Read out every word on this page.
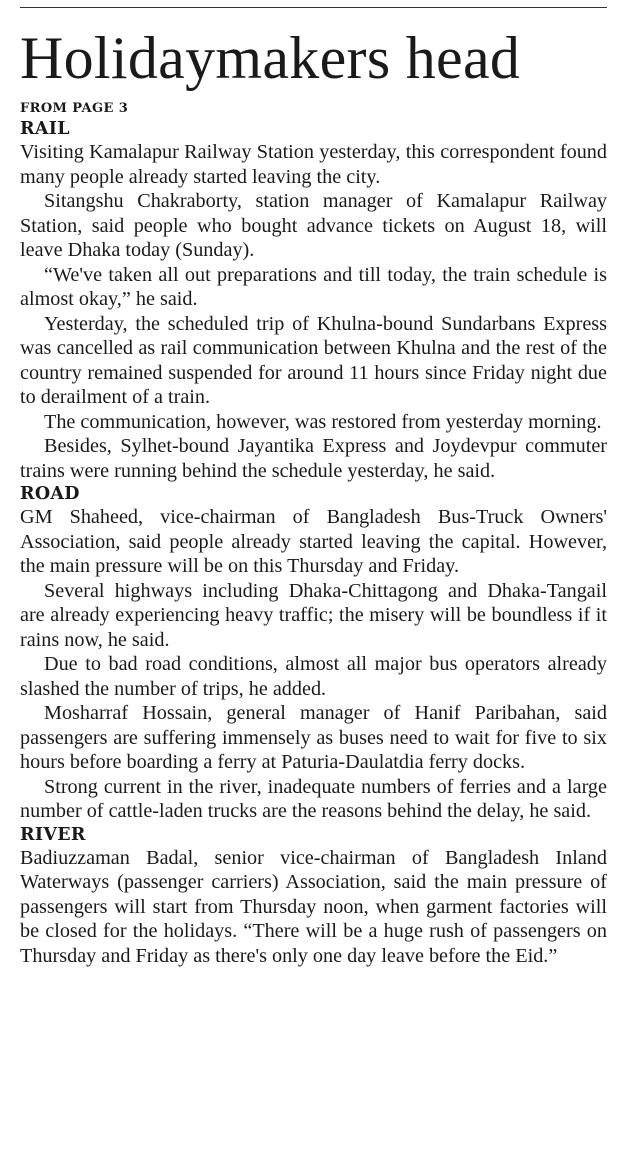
Holidaymakers head
FROM PAGE 3
RAIL

Visiting Kamalapur Railway Station yesterday, this correspondent found many people already started leaving the city.

Sitangshu Chakraborty, station manager of Kamalapur Railway Station, said people who bought advance tickets on August 18, will leave Dhaka today (Sunday).

“We've taken all out preparations and till today, the train schedule is almost okay,” he said.

Yesterday, the scheduled trip of Khulna-bound Sundarbans Express was cancelled as rail communication between Khulna and the rest of the country remained suspended for around 11 hours since Friday night due to derailment of a train.

The communication, however, was restored from yesterday morning.

Besides, Sylhet-bound Jayantika Express and Joydevpur commuter trains were running behind the schedule yesterday, he said.

ROAD

GM Shaheed, vice-chairman of Bangladesh Bus-Truck Owners' Association, said people already started leaving the capital. However, the main pressure will be on this Thursday and Friday.

Several highways including Dhaka-Chittagong and Dhaka-Tangail are already experiencing heavy traffic; the misery will be boundless if it rains now, he said.

Due to bad road conditions, almost all major bus operators already slashed the number of trips, he added.

Mosharraf Hossain, general manager of Hanif Paribahan, said passengers are suffering immensely as buses need to wait for five to six hours before boarding a ferry at Paturia-Daulatdia ferry docks.

Strong current in the river, inadequate numbers of ferries and a large number of cattle-laden trucks are the reasons behind the delay, he said.

RIVER

Badiuzzaman Badal, senior vice-chairman of Bangladesh Inland Waterways (passenger carriers) Association, said the main pressure of passengers will start from Thursday noon, when garment factories will be closed for the holidays. “There will be a huge rush of passengers on Thursday and Friday as there's only one day leave before the Eid.”
